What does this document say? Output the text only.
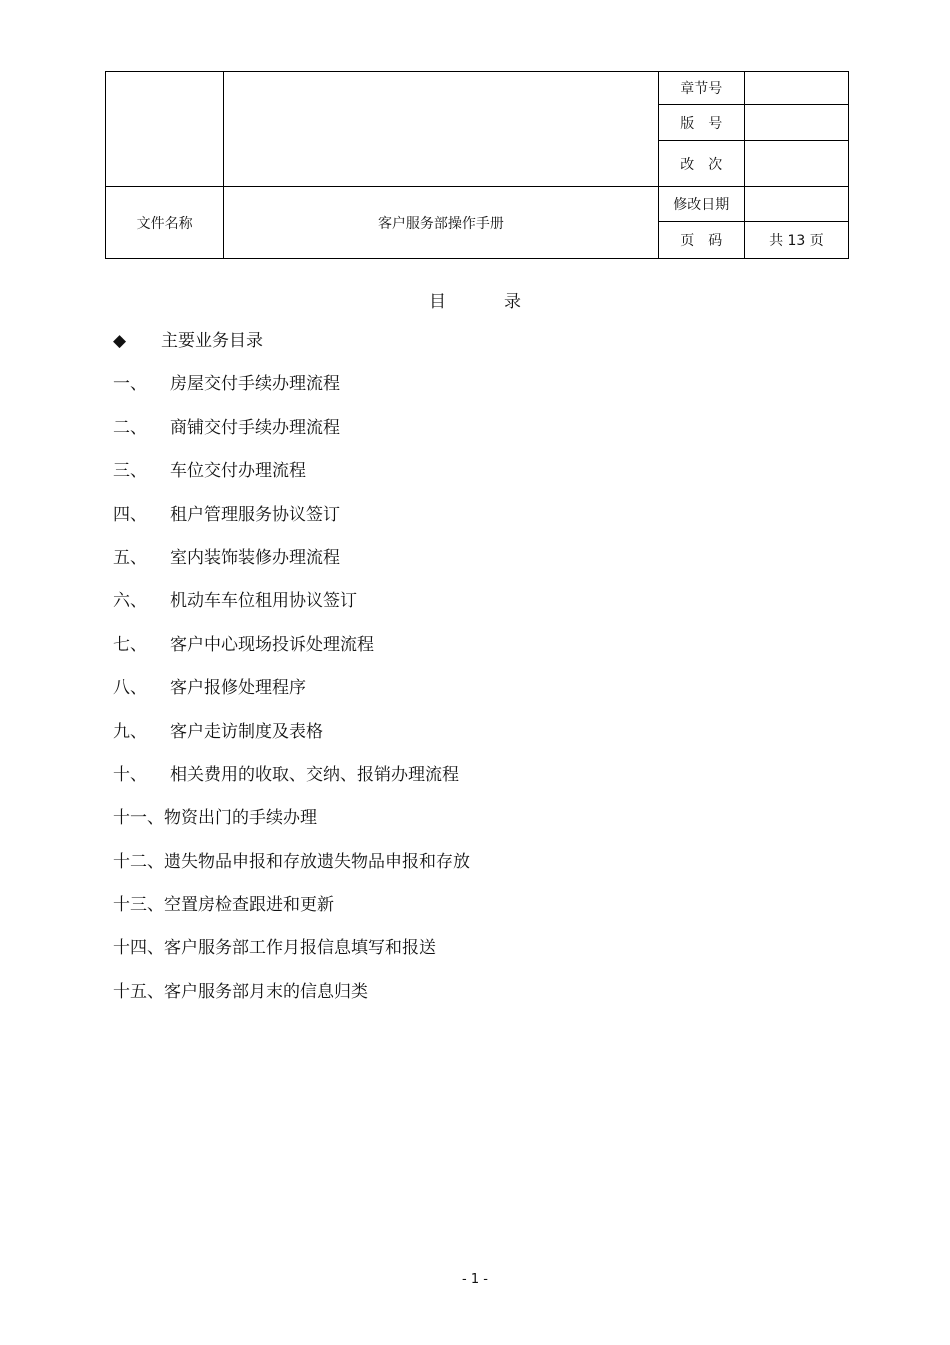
		章节号	
		版号	
		改次	
文件名称	客户服务部操作手册	修改日期	
		页码	共 13 页
目录
◆	主要业务目录
一、	房屋交付手续办理流程
二、	商铺交付手续办理流程
三、	车位交付办理流程
四、	租户管理服务协议签订
五、	室内装饰装修办理流程
六、	机动车车位租用协议签订
七、	客户中心现场投诉处理流程
八、	客户报修处理程序
九、	客户走访制度及表格
十、	相关费用的收取、交纳、报销办理流程
十一、 物资出门的手续办理
十二、 遗失物品申报和存放遗失物品申报和存放
十三、 空置房检查跟进和更新
十四、 客户服务部工作月报信息填写和报送
十五、 客户服务部月末的信息归类
- 1 -
